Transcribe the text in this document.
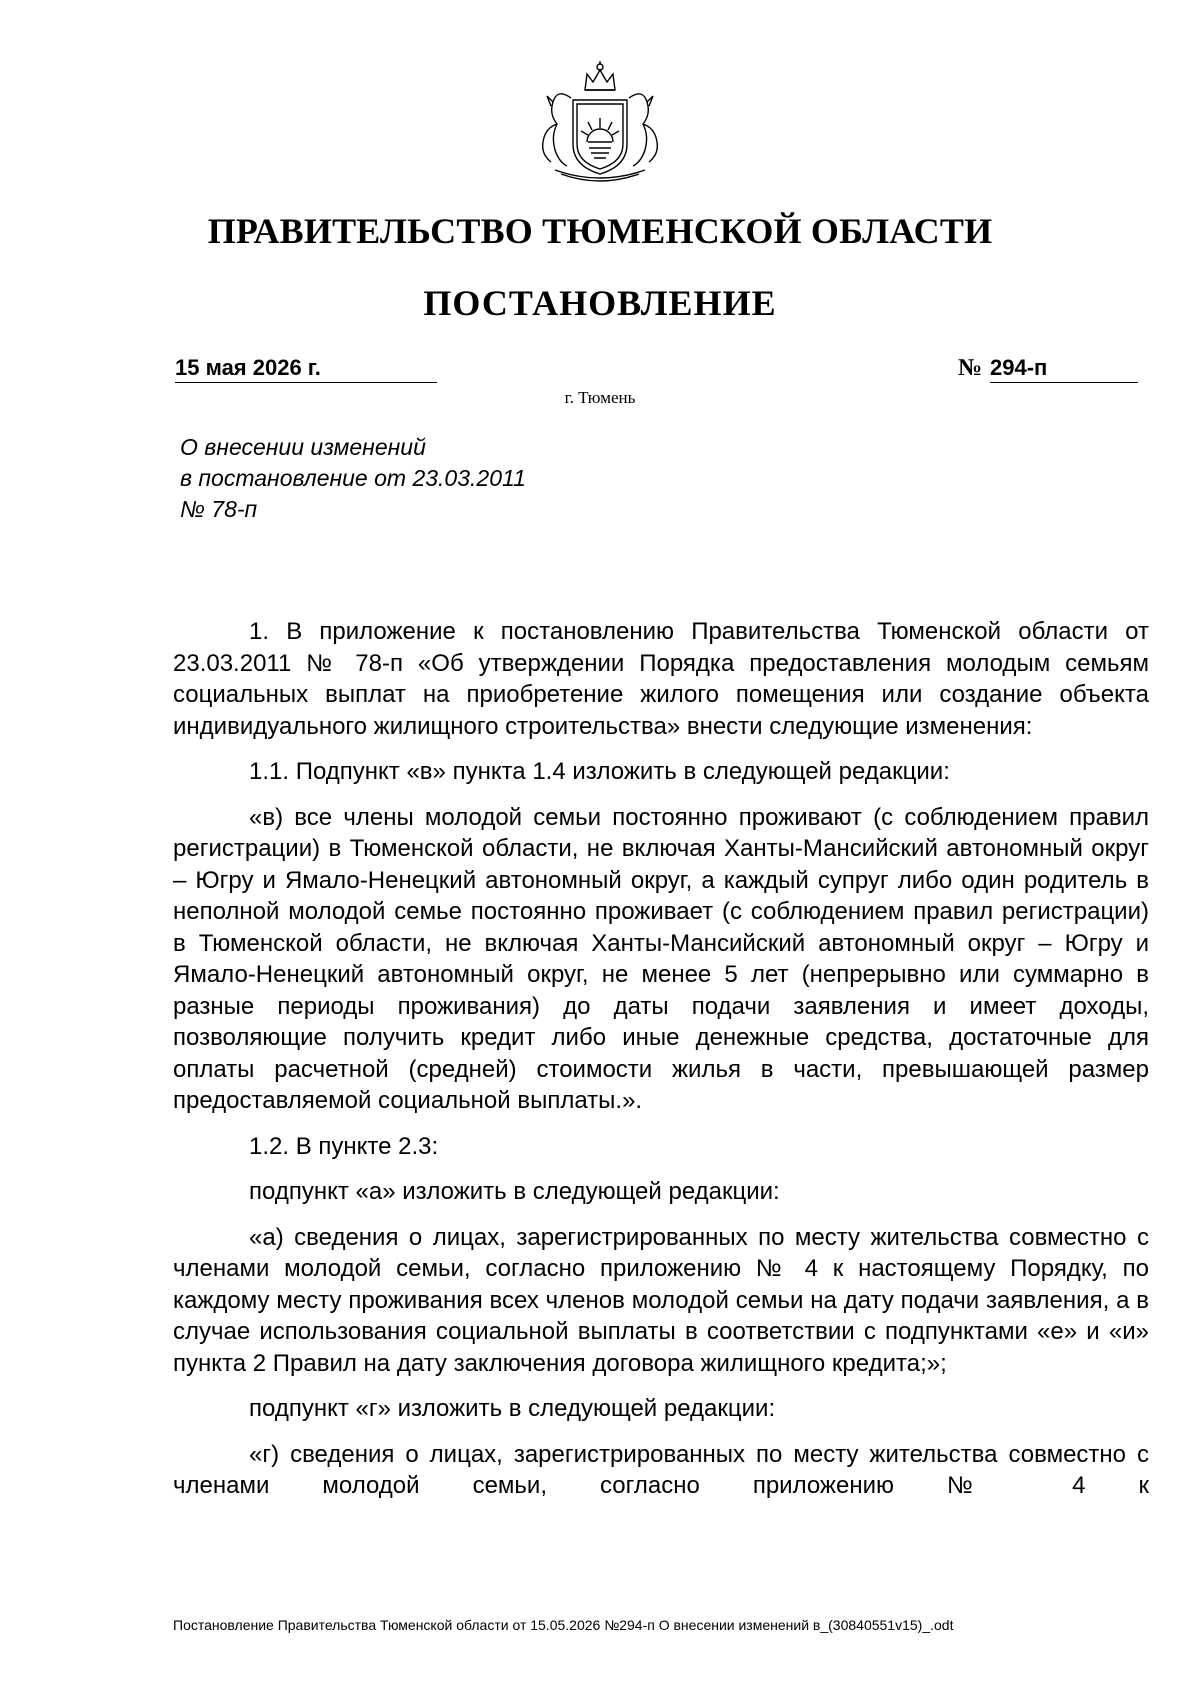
ПРАВИТЕЛЬСТВО ТЮМЕНСКОЙ ОБЛАСТИ
ПОСТАНОВЛЕНИЕ
15 мая 2026 г.	№ 294-п
г. Тюмень
О внесении изменений
в постановление от 23.03.2011
№ 78-п

1. В приложение к постановлению Правительства Тюменской области от 23.03.2011 № 78-п «Об утверждении Порядка предоставления молодым семьям социальных выплат на приобретение жилого помещения или создание объекта индивидуального жилищного строительства» внести следующие изменения:

1.1. Подпункт «в» пункта 1.4 изложить в следующей редакции:

«в) все члены молодой семьи постоянно проживают (с соблюдением правил регистрации) в Тюменской области, не включая Ханты-Мансийский автономный округ – Югру и Ямало-Ненецкий автономный округ, а каждый супруг либо один родитель в неполной молодой семье постоянно проживает (с соблюдением правил регистрации) в Тюменской области, не включая Ханты-Мансийский автономный округ – Югру и Ямало-Ненецкий автономный округ, не менее 5 лет (непрерывно или суммарно в разные периоды проживания) до даты подачи заявления и имеет доходы, позволяющие получить кредит либо иные денежные средства, достаточные для оплаты расчетной (средней) стоимости жилья в части, превышающей размер предоставляемой социальной выплаты.».

1.2. В пункте 2.3:

подпункт «а» изложить в следующей редакции:

«а) сведения о лицах, зарегистрированных по месту жительства совместно с членами молодой семьи, согласно приложению № 4 к настоящему Порядку, по каждому месту проживания всех членов молодой семьи на дату подачи заявления, а в случае использования социальной выплаты в соответствии с подпунктами «е» и «и» пункта 2 Правил на дату заключения договора жилищного кредита;»;

подпункт «г» изложить в следующей редакции:

«г) сведения о лицах, зарегистрированных по месту жительства совместно с членами молодой семьи, согласно приложению № 4 к

Постановление Правительства Тюменской области от 15.05.2026 №294-п О внесении изменений в_(30840551v15)_.odt
